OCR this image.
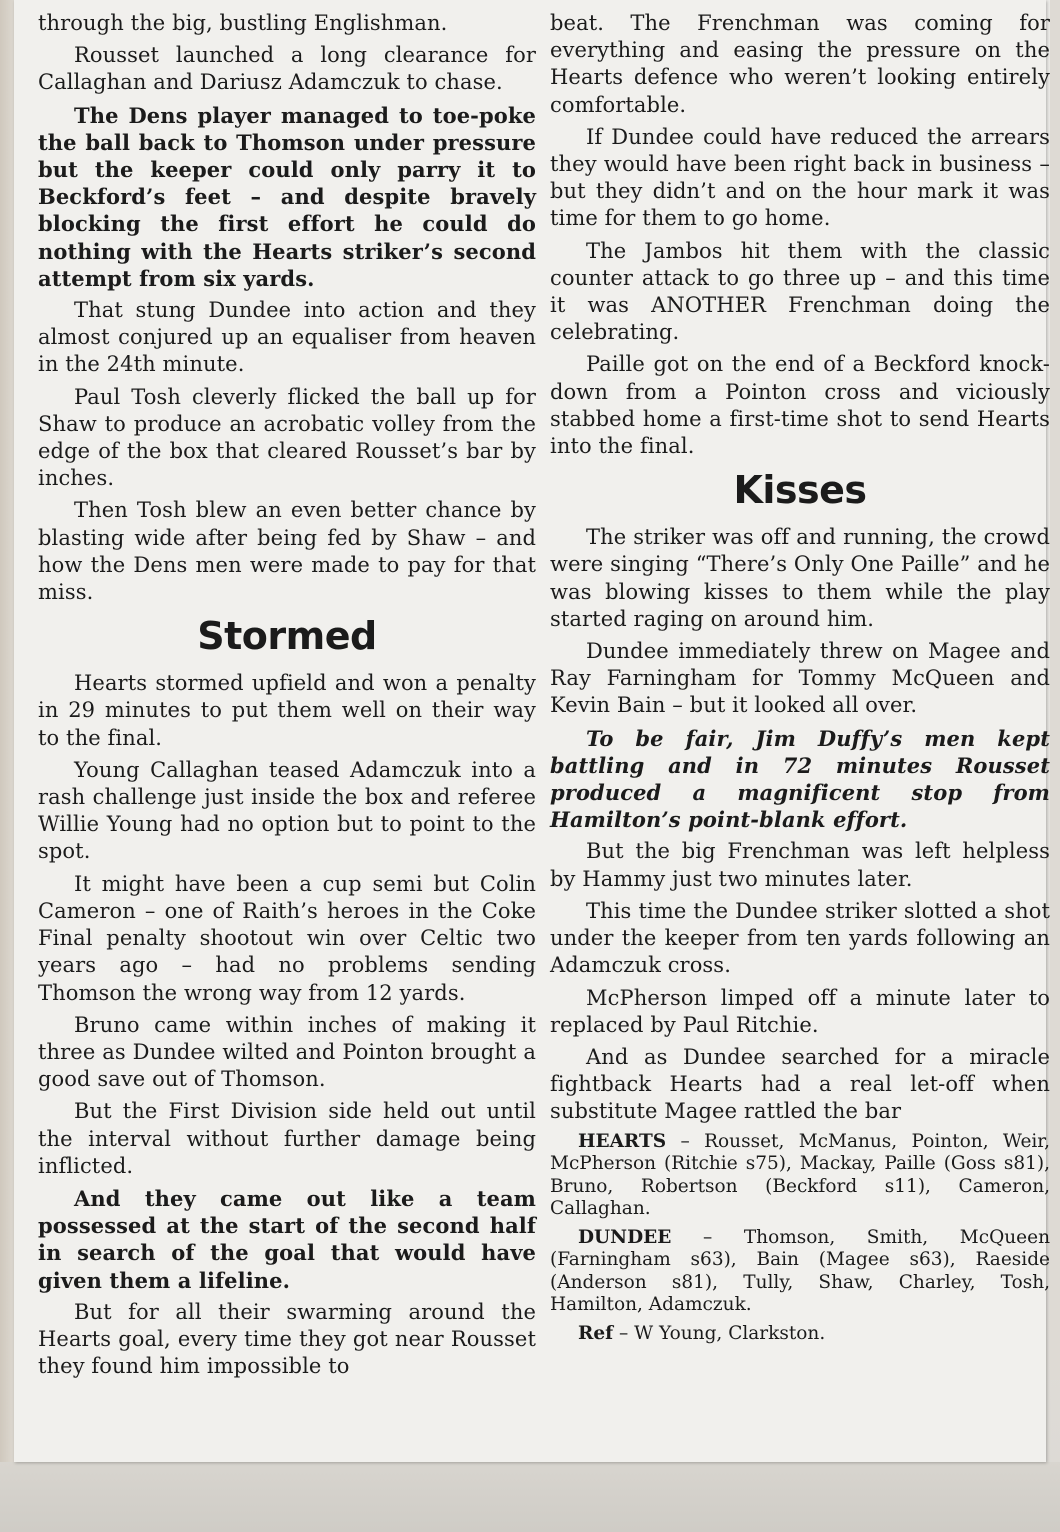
through the big, bustling Englishman.

Rousset launched a long clearance for Callaghan and Dariusz Adamczuk to chase.

The Dens player managed to toe-poke the ball back to Thomson under pressure but the keeper could only parry it to Beckford’s feet – and despite bravely blocking the first effort he could do nothing with the Hearts striker’s second attempt from six yards.

That stung Dundee into action and they almost conjured up an equaliser from heaven in the 24th minute.

Paul Tosh cleverly flicked the ball up for Shaw to produce an acrobatic volley from the edge of the box that cleared Rousset’s bar by inches.

Then Tosh blew an even better chance by blasting wide after being fed by Shaw – and how the Dens men were made to pay for that miss.

Stormed

Hearts stormed upfield and won a penalty in 29 minutes to put them well on their way to the final.

Young Callaghan teased Adamczuk into a rash challenge just inside the box and referee Willie Young had no option but to point to the spot.

It might have been a cup semi but Colin Cameron – one of Raith’s heroes in the Coke Final penalty shootout win over Celtic two years ago – had no problems sending Thomson the wrong way from 12 yards.

Bruno came within inches of making it three as Dundee wilted and Pointon brought a good save out of Thomson.

But the First Division side held out until the interval without further damage being inflicted.

And they came out like a team possessed at the start of the second half in search of the goal that would have given them a lifeline.

But for all their swarming around the Hearts goal, every time they got near Rousset they found him impossible to

beat. The Frenchman was coming for everything and easing the pressure on the Hearts defence who weren’t looking entirely comfortable.

If Dundee could have reduced the arrears they would have been right back in business – but they didn’t and on the hour mark it was time for them to go home.

The Jambos hit them with the classic counter attack to go three up – and this time it was ANOTHER Frenchman doing the celebrating.

Paille got on the end of a Beckford knock-down from a Pointon cross and viciously stabbed home a first-time shot to send Hearts into the final.

Kisses

The striker was off and running, the crowd were singing “There’s Only One Paille” and he was blowing kisses to them while the play started raging on around him.

Dundee immediately threw on Magee and Ray Farningham for Tommy McQueen and Kevin Bain – but it looked all over.

To be fair, Jim Duffy’s men kept battling and in 72 minutes Rousset produced a magnificent stop from Hamilton’s point-blank effort.

But the big Frenchman was left helpless by Hammy just two minutes later.

This time the Dundee striker slotted a shot under the keeper from ten yards following an Adamczuk cross.

McPherson limped off a minute later to replaced by Paul Ritchie.

And as Dundee searched for a miracle fightback Hearts had a real let-off when substitute Magee rattled the bar

HEARTS – Rousset, McManus, Pointon, Weir, McPherson (Ritchie s75), Mackay, Paille (Goss s81), Bruno, Robertson (Beckford s11), Cameron, Callaghan.

DUNDEE – Thomson, Smith, McQueen (Farningham s63), Bain (Magee s63), Raeside (Anderson s81), Tully, Shaw, Charley, Tosh, Hamilton, Adamczuk.

Ref – W Young, Clarkston.
